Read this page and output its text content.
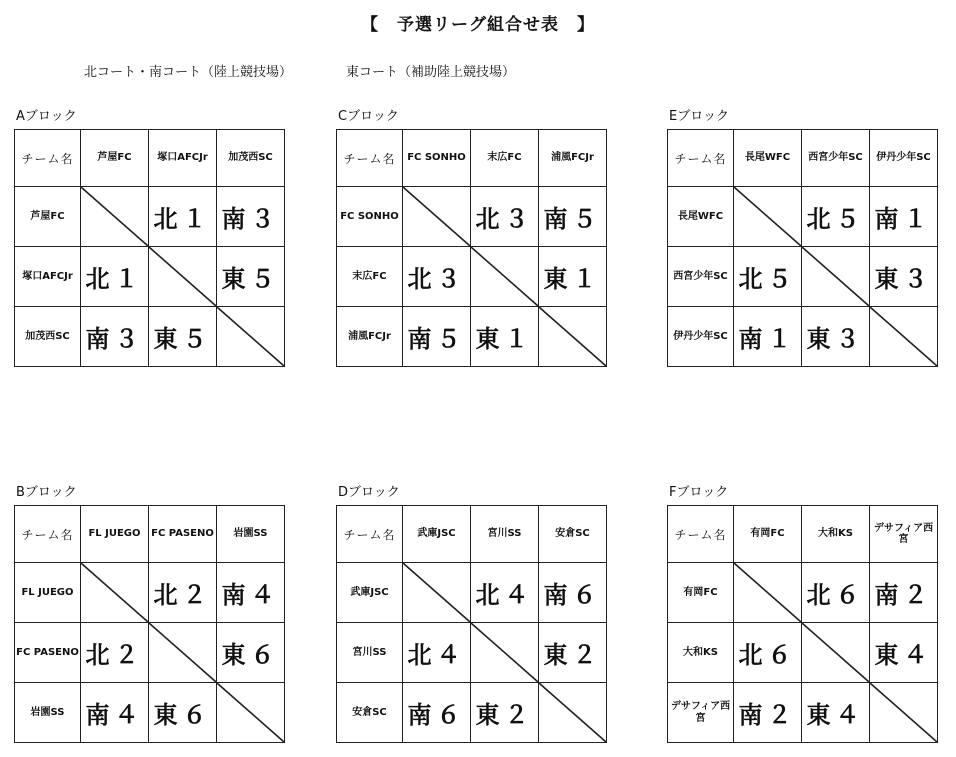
【　予選リーグ組合せ表　】
北コート・南コート（陸上競技場）	東コート（補助陸上競技場）
Aブロック
チーム名	芦屋FC	塚口AFCJr	加茂西SC
芦屋FC		北１	南３
塚口AFCJr	北１		東５
加茂西SC	南３	東５	
Cブロック
チーム名	FC SONHO	末広FC	浦風FCJr
FC SONHO		北３	南５
末広FC	北３		東１
浦風FCJr	南５	東１	
Eブロック
チーム名	長尾WFC	西宮少年SC	伊丹少年SC
長尾WFC		北５	南１
西宮少年SC	北５		東３
伊丹少年SC	南１	東３	
Bブロック
チーム名	FL JUEGO	FC PASENO	岩園SS
FL JUEGO		北２	南４
FC PASENO	北２		東６
岩園SS	南４	東６	
Dブロック
チーム名	武庫JSC	宮川SS	安倉SC
武庫JSC		北４	南６
宮川SS	北４		東２
安倉SC	南６	東２	
Fブロック
チーム名	有岡FC	大和KS	デサフィア西宮
有岡FC		北６	南２
大和KS	北６		東４
デサフィア西宮	南２	東４	
